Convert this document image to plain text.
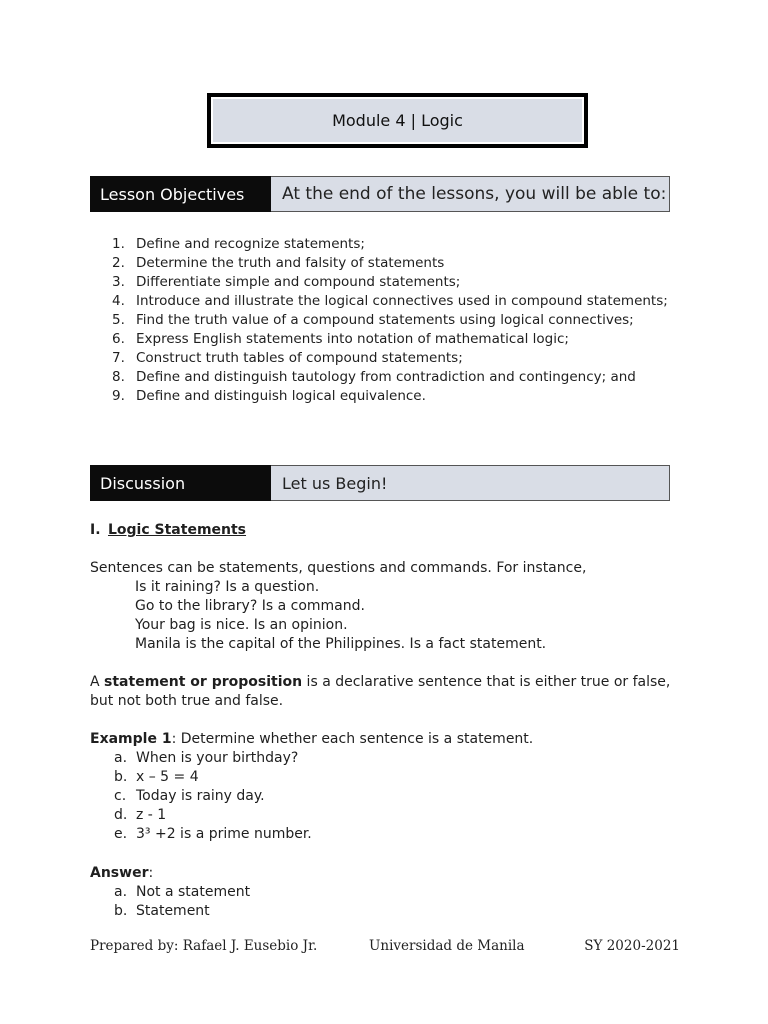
Module 4 | Logic
Lesson Objectives	At the end of the lessons, you will be able to:
1. Define and recognize statements;
2. Determine the truth and falsity of statements
3. Differentiate simple and compound statements;
4. Introduce and illustrate the logical connectives used in compound statements;
5. Find the truth value of a compound statements using logical connectives;
6. Express English statements into notation of mathematical logic;
7. Construct truth tables of compound statements;
8. Define and distinguish tautology from contradiction and contingency; and
9. Define and distinguish logical equivalence.
Discussion	Let us Begin!
I. Logic Statements
Sentences can be statements, questions and commands. For instance,
Is it raining? Is a question.
Go to the library? Is a command.
Your bag is nice. Is an opinion.
Manila is the capital of the Philippines. Is a fact statement.
A statement or proposition is a declarative sentence that is either true or false,
but not both true and false.
Example 1: Determine whether each sentence is a statement.
a. When is your birthday?
b. x – 5 = 4
c. Today is rainy day.
d. z - 1
e. 3³ +2 is a prime number.
Answer:
a. Not a statement
b. Statement
Prepared by: Rafael J. Eusebio Jr.	Universidad de Manila	SY 2020-2021
